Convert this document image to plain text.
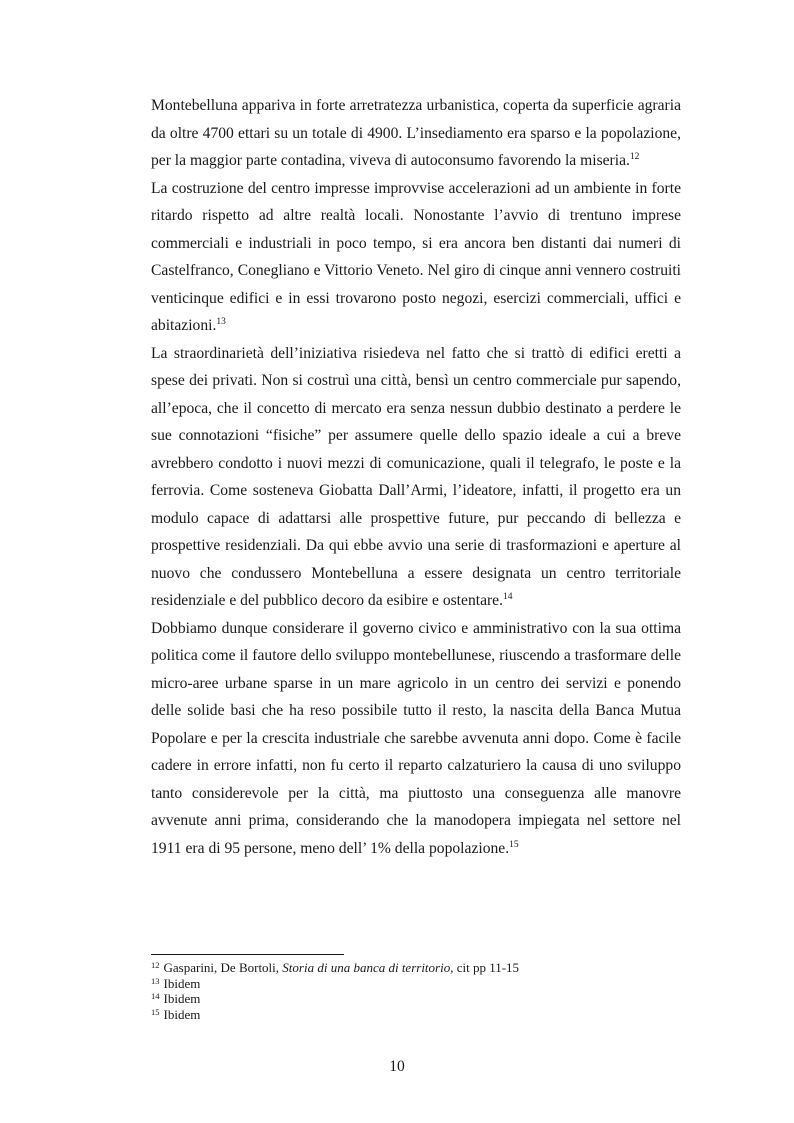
Montebelluna appariva in forte arretratezza urbanistica, coperta da superficie agraria da oltre 4700 ettari su un totale di 4900. L’insediamento era sparso e la popolazione, per la maggior parte contadina, viveva di autoconsumo favorendo la miseria.$^{12}$

La costruzione del centro impresse improvvise accelerazioni ad un ambiente in forte ritardo rispetto ad altre realtà locali. Nonostante l’avvio di trentuno imprese commerciali e industriali in poco tempo, si era ancora ben distanti dai numeri di Castelfranco, Conegliano e Vittorio Veneto. Nel giro di cinque anni vennero costruiti venticinque edifici e in essi trovarono posto negozi, esercizi commerciali, uffici e abitazioni.$^{13}$

La straordinarietà dell’iniziativa risiedeva nel fatto che si trattò di edifici eretti a spese dei privati. Non si costruì una città, bensì un centro commerciale pur sapendo, all’epoca, che il concetto di mercato era senza nessun dubbio destinato a perdere le sue connotazioni “fisiche” per assumere quelle dello spazio ideale a cui a breve avrebbero condotto i nuovi mezzi di comunicazione, quali il telegrafo, le poste e la ferrovia. Come sosteneva Giobatta Dall’Armi, l’ideatore, infatti, il progetto era un modulo capace di adattarsi alle prospettive future, pur peccando di bellezza e prospettive residenziali. Da qui ebbe avvio una serie di trasformazioni e aperture al nuovo che condussero Montebelluna a essere designata un centro territoriale residenziale e del pubblico decoro da esibire e ostentare.$^{14}$

Dobbiamo dunque considerare il governo civico e amministrativo con la sua ottima politica come il fautore dello sviluppo montebellunese, riuscendo a trasformare delle micro-aree urbane sparse in un mare agricolo in un centro dei servizi e ponendo delle solide basi che ha reso possibile tutto il resto, la nascita della Banca Mutua Popolare e per la crescita industriale che sarebbe avvenuta anni dopo. Come è facile cadere in errore infatti, non fu certo il reparto calzaturiero la causa di uno sviluppo tanto considerevole per la città, ma piuttosto una conseguenza alle manovre avvenute anni prima, considerando che la manodopera impiegata nel settore nel 1911 era di 95 persone, meno dell’ 1% della popolazione.$^{15}$

$^{12}$ Gasparini, De Bortoli, Storia di una banca di territorio, cit pp 11-15
$^{13}$ Ibidem
$^{14}$ Ibidem
$^{15}$ Ibidem
10
